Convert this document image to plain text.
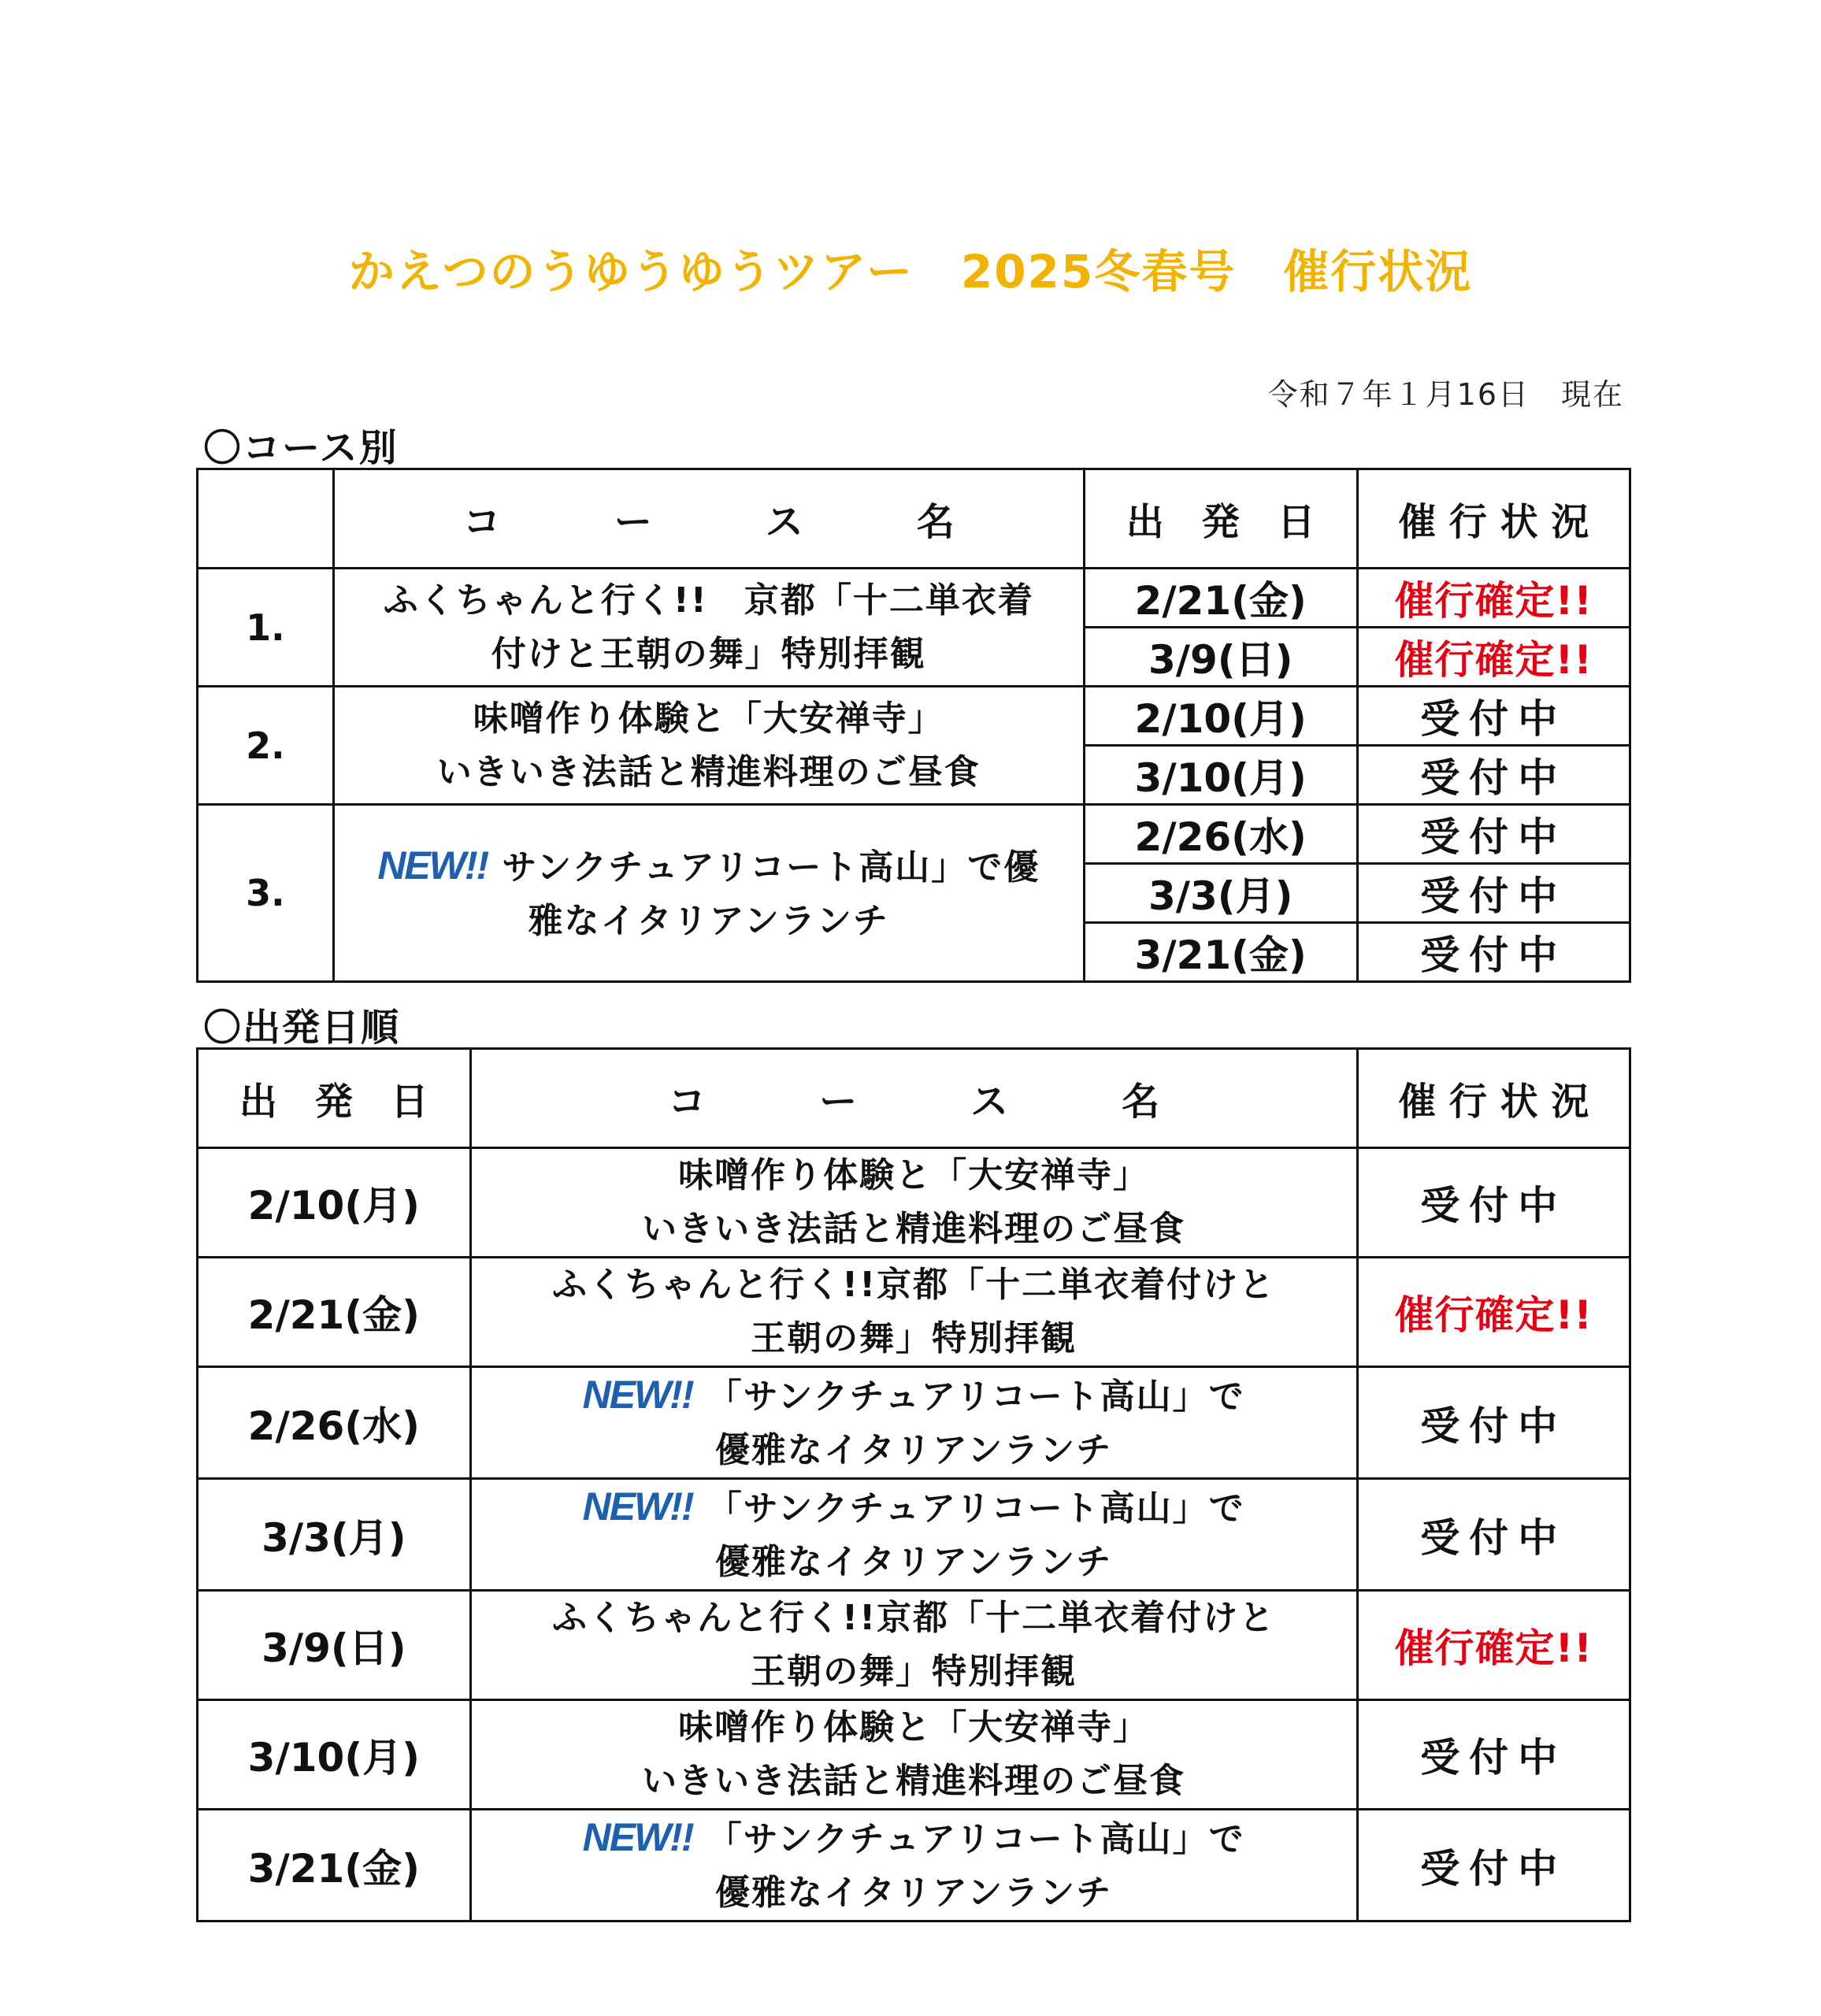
かえつのうゆうゆうツアー　2025冬春号　催行状況
令和７年１月16日　現在
〇コース別
	コ　　　ー　　　ス　　　名	出　発　日	催 行 状 況
1.	ふくちゃんと行く!!　京都「十二単衣着
付けと王朝の舞」特別拝観	2/21(金)	催行確定!!
		3/9(日)	催行確定!!
2.	味噌作り体験と「大安禅寺」
いきいき法話と精進料理のご昼食	2/10(月)	受付中
		3/10(月)	受付中
3.	NEW!! サンクチュアリコート高山」で優
雅なイタリアンランチ	2/26(水)	受付中
		3/3(月)	受付中
		3/21(金)	受付中
〇出発日順
出　発　日	コ　　　ー　　　ス　　　名	催 行 状 況
2/10(月)	味噌作り体験と「大安禅寺」
いきいき法話と精進料理のご昼食	受付中
2/21(金)	ふくちゃんと行く!!京都「十二単衣着付けと
王朝の舞」特別拝観	催行確定!!
2/26(水)	NEW!! 「サンクチュアリコート高山」で
優雅なイタリアンランチ	受付中
3/3(月)	NEW!! 「サンクチュアリコート高山」で
優雅なイタリアンランチ	受付中
3/9(日)	ふくちゃんと行く!!京都「十二単衣着付けと
王朝の舞」特別拝観	催行確定!!
3/10(月)	味噌作り体験と「大安禅寺」
いきいき法話と精進料理のご昼食	受付中
3/21(金)	NEW!! 「サンクチュアリコート高山」で
優雅なイタリアンランチ	受付中
